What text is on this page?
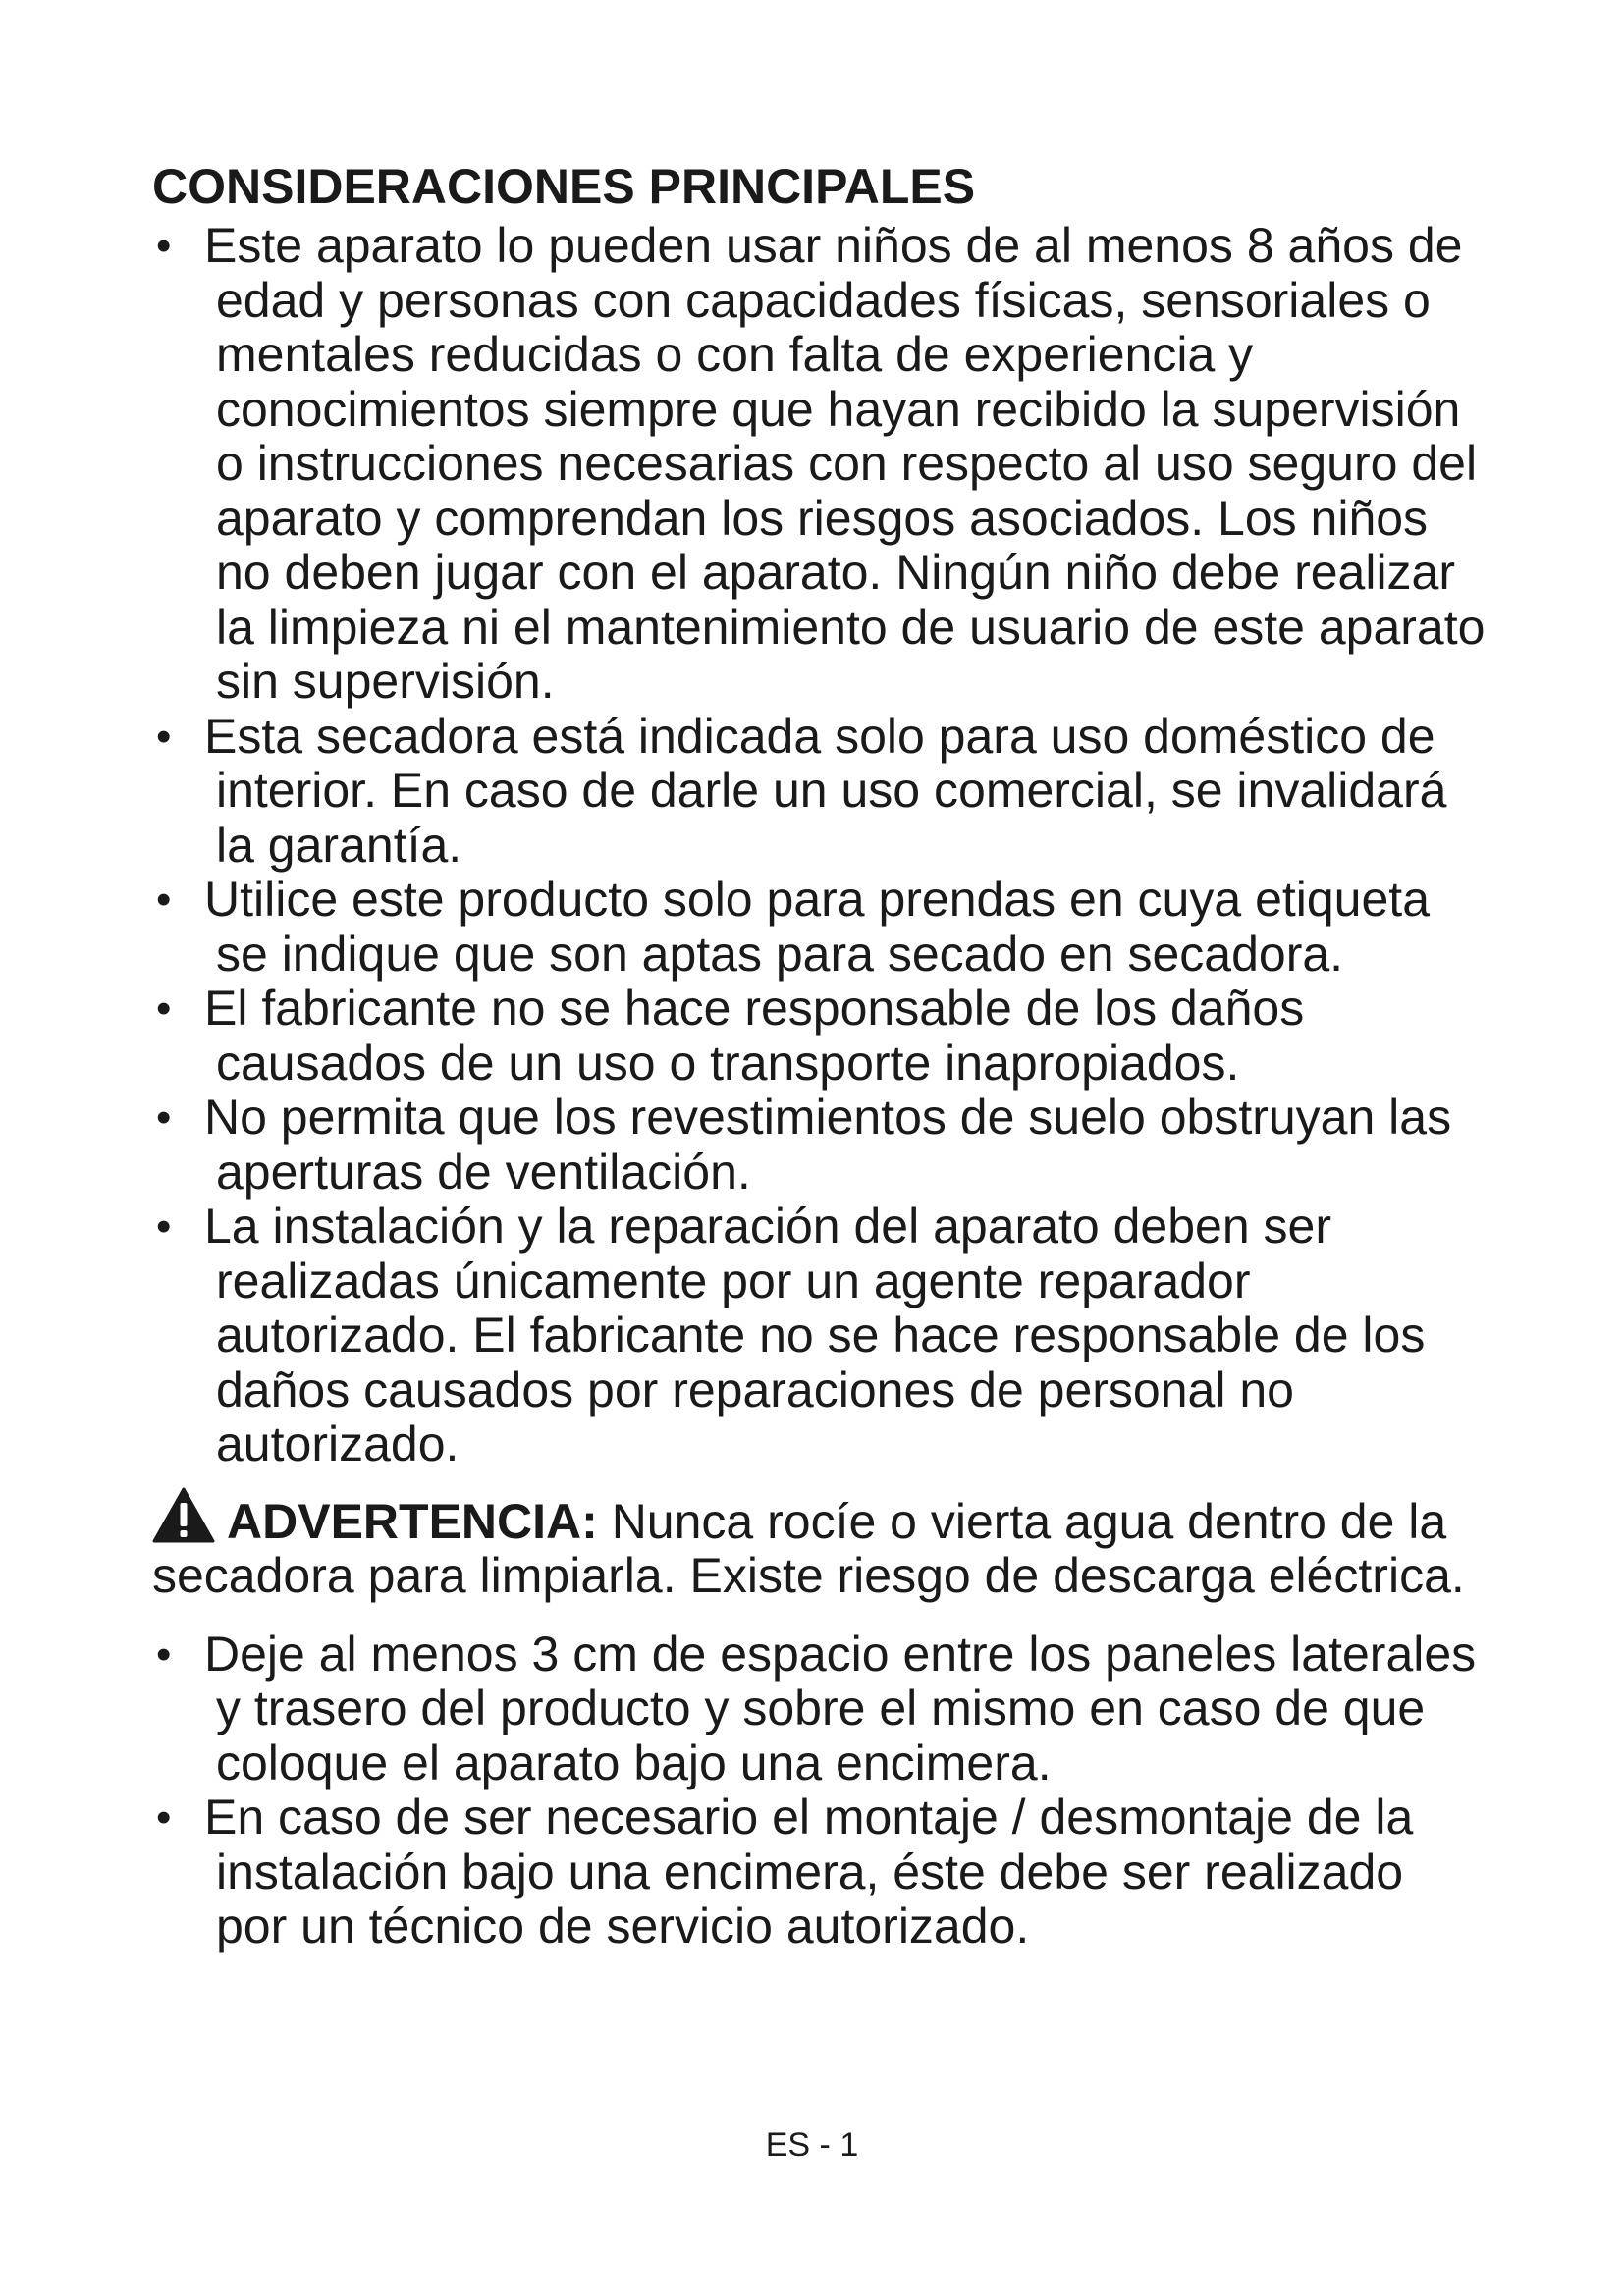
CONSIDERACIONES PRINCIPALES
• Este aparato lo pueden usar niños de al menos 8 años de edad y personas con capacidades físicas, sensoriales o mentales reducidas o con falta de experiencia y conocimientos siempre que hayan recibido la supervisión o instrucciones necesarias con respecto al uso seguro del aparato y comprendan los riesgos asociados. Los niños no deben jugar con el aparato. Ningún niño debe realizar la limpieza ni el mantenimiento de usuario de este aparato sin supervisión.
• Esta secadora está indicada solo para uso doméstico de interior. En caso de darle un uso comercial, se invalidará la garantía.
• Utilice este producto solo para prendas en cuya etiqueta se indique que son aptas para secado en secadora.
• El fabricante no se hace responsable de los daños causados de un uso o transporte inapropiados.
• No permita que los revestimientos de suelo obstruyan las aperturas de ventilación.
• La instalación y la reparación del aparato deben ser realizadas únicamente por un agente reparador autorizado. El fabricante no se hace responsable de los daños causados por reparaciones de personal no autorizado.
ADVERTENCIA: Nunca rocíe o vierta agua dentro de la secadora para limpiarla. Existe riesgo de descarga eléctrica.
• Deje al menos 3 cm de espacio entre los paneles laterales y trasero del producto y sobre el mismo en caso de que coloque el aparato bajo una encimera.
• En caso de ser necesario el montaje / desmontaje de la instalación bajo una encimera, éste debe ser realizado por un técnico de servicio autorizado.
ES - 1
